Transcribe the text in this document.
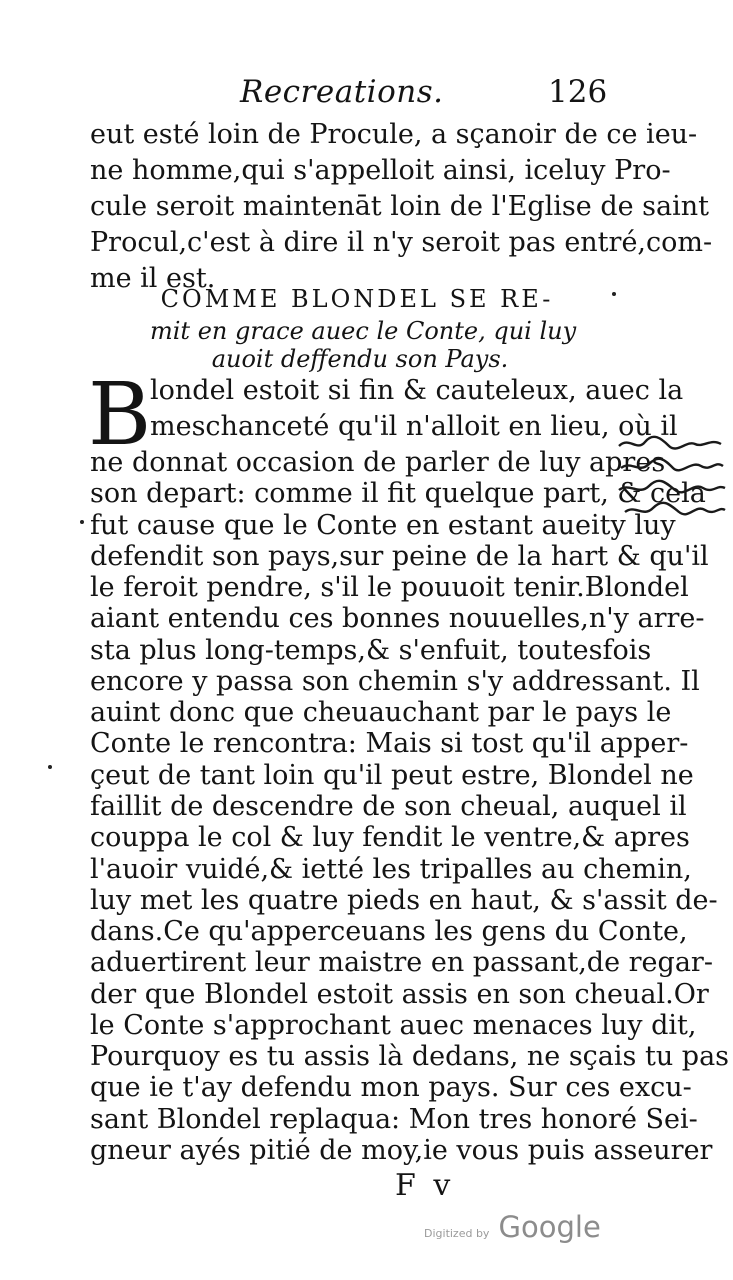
Recreations.	126
eut esté loin de Procule, a sçanoir de ce ieu-
ne homme,qui s'appelloit ainsi, iceluy Pro-
cule seroit maintenāt loin de l'Eglise de saint
Procul,c'est à dire il n'y seroit pas entré,com-
me il est.
COMME BLONDEL SE RE-
mit en grace auec le Conte, qui luy
auoit deffendu son Pays.
B
londel estoit si fin & cauteleux, auec la
meschanceté qu'il n'alloit en lieu, où il
ne donnat occasion de parler de luy apres
son depart: comme il fit quelque part, & cela
fut cause que le Conte en estant aueity luy
defendit son pays,sur peine de la hart & qu'il
le feroit pendre, s'il le pouuoit tenir.Blondel
aiant entendu ces bonnes nouuelles,n'y arre-
sta plus long-temps,& s'enfuit, toutesfois
encore y passa son chemin s'y addressant. Il
auint donc que cheuauchant par le pays le
Conte le rencontra: Mais si tost qu'il apper-
çeut de tant loin qu'il peut estre, Blondel ne
faillit de descendre de son cheual, auquel il
couppa le col & luy fendit le ventre,& apres
l'auoir vuidé,& ietté les tripalles au chemin,
luy met les quatre pieds en haut, & s'assit de-
dans.Ce qu'apperceuans les gens du Conte,
aduertirent leur maistre en passant,de regar-
der que Blondel estoit assis en son cheual.Or
le Conte s'approchant auec menaces luy dit,
Pourquoy es tu assis là dedans, ne sçais tu pas
F v
Digitized by Google
que ie t'ay defendu mon pays. Sur ces excu-
sant Blondel replaqua: Mon tres honoré Sei-
gneur ayés pitié de moy,ie vous puis asseurer
